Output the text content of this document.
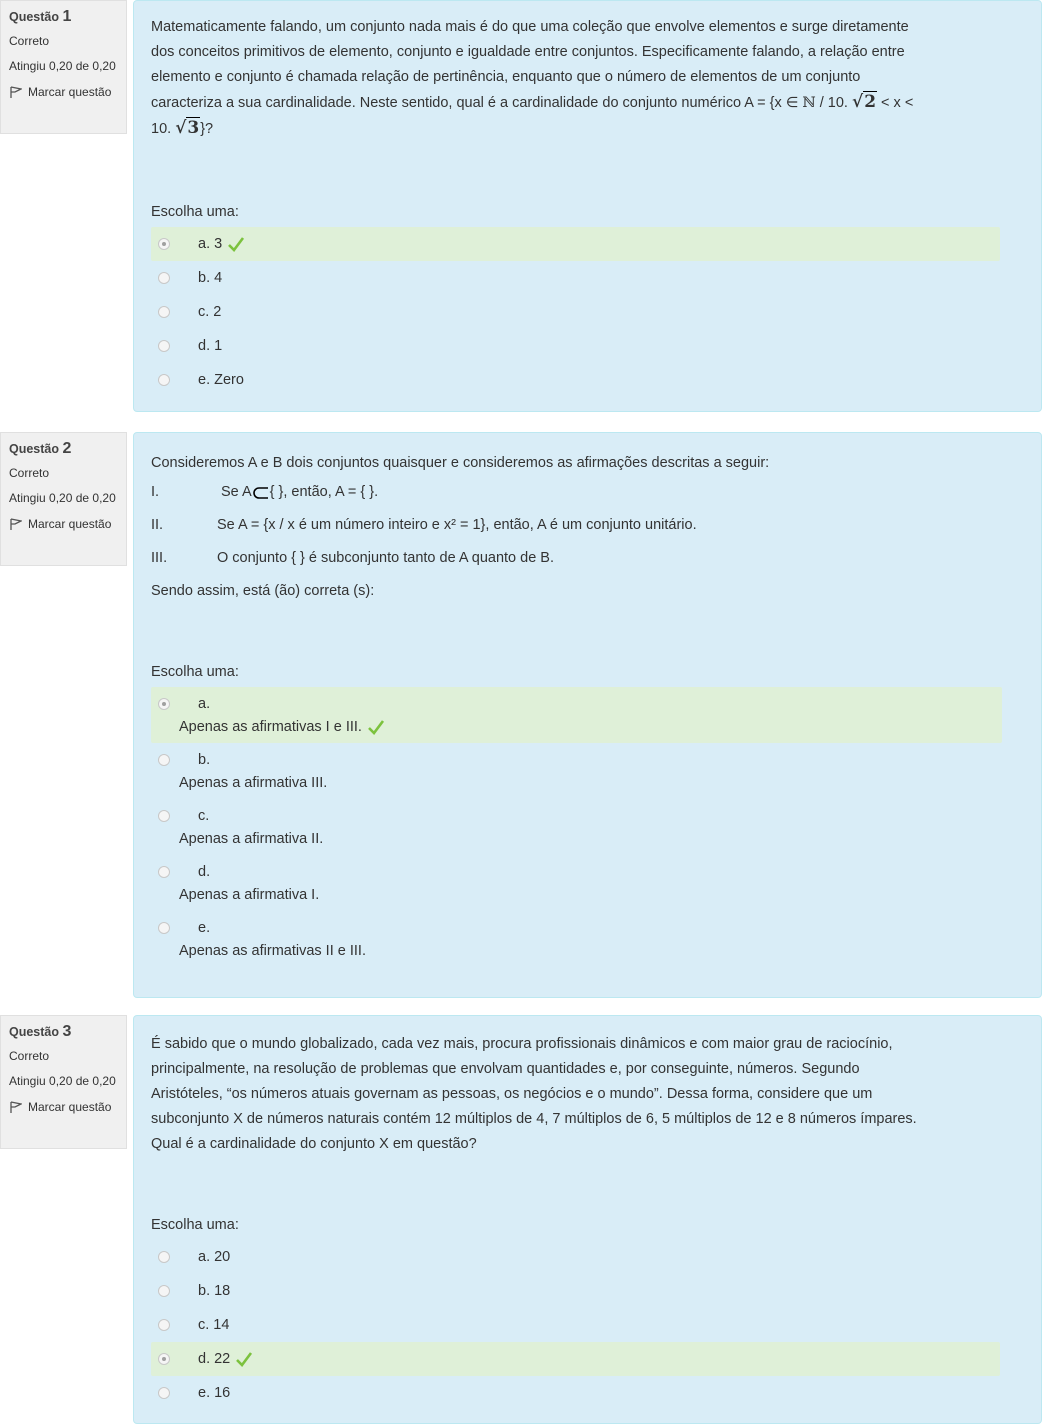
Questão 1
Correto
Atingiu 0,20 de 0,20
Marcar questão

Matematicamente falando, um conjunto nada mais é do que uma coleção que envolve elementos e surge diretamente

dos conceitos primitivos de elemento, conjunto e igualdade entre conjuntos. Especificamente falando, a relação entre

elemento e conjunto é chamada relação de pertinência, enquanto que o número de elementos de um conjunto

caracteriza a sua cardinalidade. Neste sentido, qual é a cardinalidade do conjunto numérico A = {x ∈ ℕ / 10. √2 < x <

10. √3}?

Escolha uma:
a. 3
b. 4
c. 2
d. 1
e. Zero
Questão 2
Correto
Atingiu 0,20 de 0,20
Marcar questão

Consideremos A e B dois conjuntos quaisquer e consideremos as afirmações descritas a seguir:

I.	Se A { }, então, A = { }.
II.	Se A = {x / x é um número inteiro e x² = 1}, então, A é um conjunto unitário.
III.	O conjunto { } é subconjunto tanto de A quanto de B.

Sendo assim, está (ão) correta (s):

Escolha uma:
a.
Apenas as afirmativas I e III.
b.
Apenas a afirmativa III.
c.
Apenas a afirmativa II.
d.
Apenas a afirmativa I.
e.
Apenas as afirmativas II e III.
Questão 3
Correto
Atingiu 0,20 de 0,20
Marcar questão

É sabido que o mundo globalizado, cada vez mais, procura profissionais dinâmicos e com maior grau de raciocínio,

principalmente, na resolução de problemas que envolvam quantidades e, por conseguinte, números. Segundo

Aristóteles, “os números atuais governam as pessoas, os negócios e o mundo”. Dessa forma, considere que um

subconjunto X de números naturais contém 12 múltiplos de 4, 7 múltiplos de 6, 5 múltiplos de 12 e 8 números ímpares.

Qual é a cardinalidade do conjunto X em questão?

Escolha uma:
a. 20
b. 18
c. 14
d. 22
e. 16
